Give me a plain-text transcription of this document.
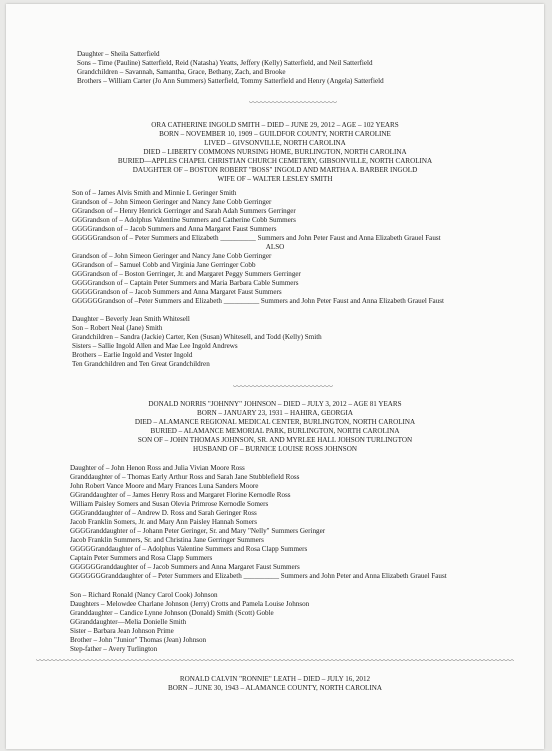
Daughter – Sheila Satterfield
Sons – Time (Pauline) Satterfield, Reid (Natasha) Yeatts, Jeffery (Kelly) Satterfield, and Neil Satterfield
Grandchildren – Savannah, Samantha, Grace, Bethany, Zach, and Brooke
Brothers – William Carter (Jo Ann Summers) Satterfield, Tommy Satterfield and Henry (Angela) Satterfield
ORA CATHERINE INGOLD SMITH – DIED – JUNE 29, 2012 – AGE – 102 YEARS
BORN – NOVEMBER 10, 1909 – GUILDFOR COUNTY, NORTH CAROLINE
LIVED – GIVSONVILLE, NORTH CAROLINA
DIED – LIBERTY COMMONS NURSING HOME, BURLINGTON, NORTH CAROLINA
BURIED—APPLES CHAPEL CHRISTIAN CHURCH CEMETERY, GIBSONVILLE, NORTH CAROLINA
DAUGHTER OF – BOSTON ROBERT "BOSS" INGOLD AND MARTHA A. BARBER INGOLD
WIFE OF – WALTER LESLEY SMITH
Son of – James Alvis Smith and Minnie L Geringer Smith
Grandson of – John Simeon Geringer and Nancy Jane Cobb Gerringer
GGrandson of – Henry Henrick Gerringer and Sarah Adah Summers Gerringer
GGGrandson of – Adolphus Valentine Summers and Catherine Cobb Summers
GGGGrandson of – Jacob Summers and Anna Margaret Faust Summers
GGGGGrandson of – Peter Summers and Elizabeth __________ Summers and John Peter Faust and Anna Elizabeth Grauel Faust
ALSO
Grandson of – John Simeon Geringer and Nancy Jane Cobb Gerringer
GGrandson of – Samuel Cobb and Virginia Jane Gerringer Cobb
GGGrandson of – Boston Gerringer, Jr. and Margaret Peggy Summers Gerringer
GGGGrandson of – Captain Peter Summers and Maria Barbara Cable Summers
GGGGGrandson of – Jacob Summers and Anna Margaret Faust Summers
GGGGGGrandson of –Peter Summers and Elizabeth __________ Summers and John Peter Faust and Anna Elizabeth Grauel Faust
Daughter – Beverly Jean Smith Whitesell
Son – Robert Neal (Jane) Smith
Grandchildren – Sandra (Jackie) Carter, Ken (Susan) Whitesell, and Todd (Kelly) Smith
Sisters – Sallie Ingold Allen and Mae Lee Ingold Andrews
Brothers – Earlie Ingold and Vester Ingold
Ten Grandchildren and Ten Great Grandchildren
DONALD NORRIS "JOHNNY" JOHNSON – DIED – JULY 3, 2012 – AGE 81 YEARS
BORN – JANUARY 23, 1931 – HAHIRA, GEORGIA
DIED – ALAMANCE REGIONAL MEDICAL CENTER, BURLINGTON, NORTH CAROLINA
BURIED – ALAMANCE MEMORIAL PARK, BURLINGTON, NORTH CAROLINA
SON OF – JOHN THOMAS JOHNSON, SR. AND MYRLEE HALL JOHSON TURLINGTON
HUSBAND OF – BURNICE LOUISE ROSS JOHNSON
Daughter of – John Henon Ross and Julia Vivian Moore Ross
Granddaughter of – Thomas Early Arthur Ross and Sarah Jane Stubblefield Ross
John Robert Vance Moore and Mary Frances Luna Sanders Moore
GGranddaughter of – James Henry Ross and Margaret Florine Kernodle Ross
William Paisley Somers and Susan Olevia Primrose Kernodle Somers
GGGranddaughter of – Andrew D. Ross and Sarah Geringer Ross
Jacob Franklin Somers, Jr. and Mary Ann Paisley Hannah Somers
GGGGranddaughter of – Johann Peter Geringer, Sr. and Mary "Nelly" Summers Geringer
Jacob Franklin Summers, Sr. and Christina Jane Gerringer Summers
GGGGGranddaughter of – Adolphus Valentine Summers and Rosa Clapp Summers
Captain Peter Summers and Rosa Clapp Summers
GGGGGGranddaughter of – Jacob Summers and Anna Margaret Faust Summers
GGGGGGGranddaughter of – Peter Summers and Elizabeth __________ Summers and John Peter and Anna Elizabeth Grauel Faust
Son – Richard Ronald (Nancy Carol Cook) Johnson
Daughters – Melowdee Charlane Johnson (Jerry) Crotts and Pamela Louise Johnson
Granddaughter – Candice Lynne Johnson (Donald) Smith (Scott) Goble
GGranddaughter—Melia Donielle Smith
Sister – Barbara Jean Johnson Prime
Brother – John "Junior" Thomas (Jean) Johnson
Step-father – Avery Turlington
RONALD CALVIN "RONNIE" LEATH – DIED – JULY 16, 2012
BORN – JUNE 30, 1943 – ALAMANCE COUNTY, NORTH CAROLINA
